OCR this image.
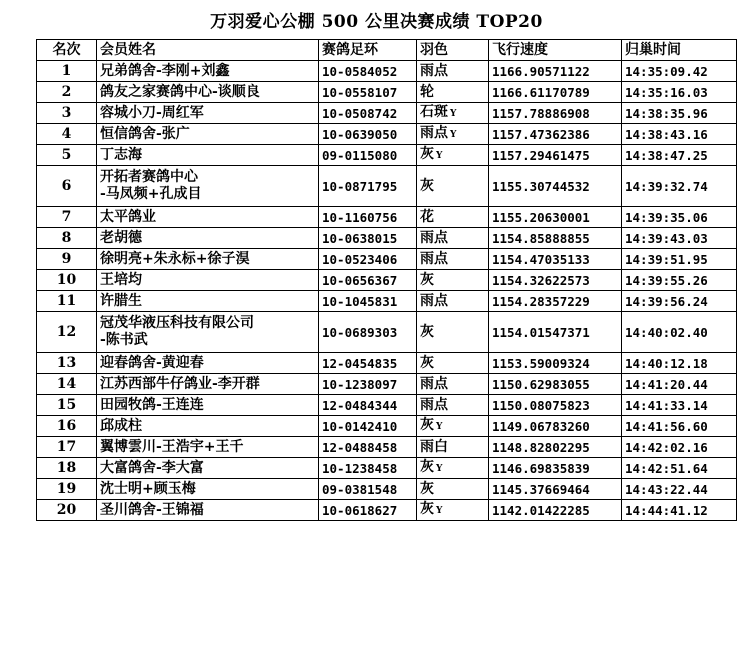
万羽爱心公棚 500 公里决赛成绩 TOP20
名次	会员姓名	赛鸽足环	羽色	飞行速度	归巢时间
1	兄弟鸽舍-李刚+刘鑫	10-0584052	雨点	1166.90571122	14:35:09.42
2	鸽友之家赛鸽中心-谈顺良	10-0558107	轮	1166.61170789	14:35:16.03
3	容城小刀-周红军	10-0508742	石斑 Y	1157.78886908	14:38:35.96
4	恒信鸽舍-张广	10-0639050	雨点 Y	1157.47362386	14:38:43.16
5	丁志海	09-0115080	灰 Y	1157.29461475	14:38:47.25
6	开拓者赛鸽中心
-马凤频+孔成目	10-0871795	灰	1155.30744532	14:39:32.74
7	太平鸽业	10-1160756	花	1155.20630001	14:39:35.06
8	老胡德	10-0638015	雨点	1154.85888855	14:39:43.03
9	徐明亮+朱永标+徐子淏	10-0523406	雨点	1154.47035133	14:39:51.95
10	王培均	10-0656367	灰	1154.32622573	14:39:55.26
11	许腊生	10-1045831	雨点	1154.28357229	14:39:56.24
12	冠茂华液压科技有限公司
-陈书武	10-0689303	灰	1154.01547371	14:40:02.40
13	迎春鸽舍-黄迎春	12-0454835	灰	1153.59009324	14:40:12.18
14	江苏西部牛仔鸽业-李开群	10-1238097	雨点	1150.62983055	14:41:20.44
15	田园牧鸽-王连连	12-0484344	雨点	1150.08075823	14:41:33.14
16	邱成柱	10-0142410	灰 Y	1149.06783260	14:41:56.60
17	翼博雲川-王浩宇+王千	12-0488458	雨白	1148.82802295	14:42:02.16
18	大富鸽舍-李大富	10-1238458	灰 Y	1146.69835839	14:42:51.64
19	沈士明+顾玉梅	09-0381548	灰	1145.37669464	14:43:22.44
20	圣川鸽舍-王锦福	10-0618627	灰 Y	1142.01422285	14:44:41.12
